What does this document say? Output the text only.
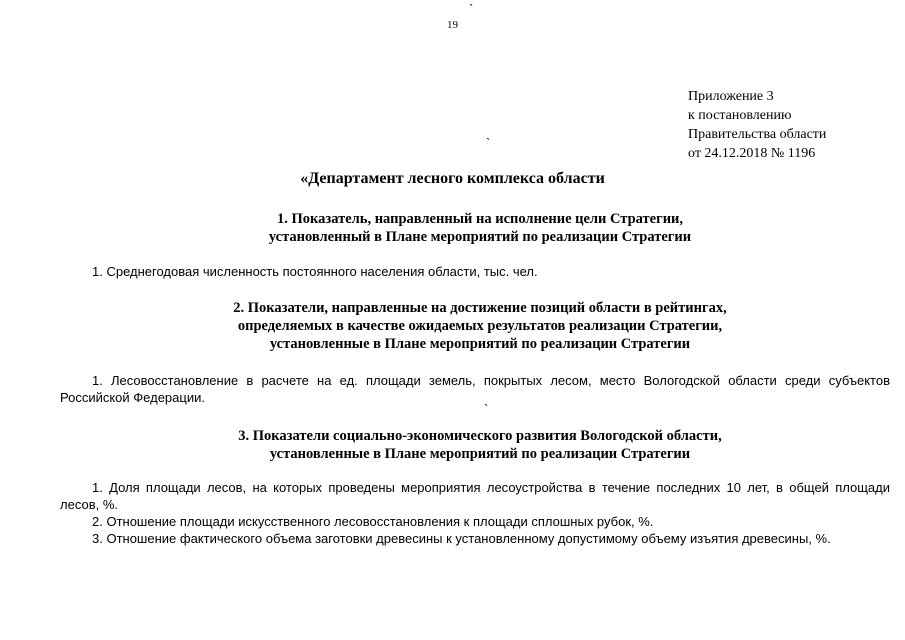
`
19
Приложение 3
к постановлению
Правительства области
от 24.12.2018 № 1196
`
«Департамент лесного комплекса области
1. Показатель, направленный на исполнение цели Стратегии,
установленный в Плане мероприятий по реализации Стратегии
1. Среднегодовая численность постоянного населения области, тыс. чел.
2. Показатели, направленные на достижение позиций области в рейтингах,
определяемых в качестве ожидаемых результатов реализации Стратегии,
установленные в Плане мероприятий по реализации Стратегии

1. Лесовосстановление в расчете на ед. площади земель, покрытых лесом, место Вологодской области среди субъектов Российской Федерации.

`
3. Показатели социально-экономического развития Вологодской области,
установленные в Плане мероприятий по реализации Стратегии

1. Доля площади лесов, на которых проведены мероприятия лесоустройства в течение последних 10 лет, в общей площади лесов, %.

2. Отношение площади искусственного лесовосстановления к площади сплошных рубок, %.

3. Отношение фактического объема заготовки древесины к установленному допустимому объему изъятия древесины, %.
